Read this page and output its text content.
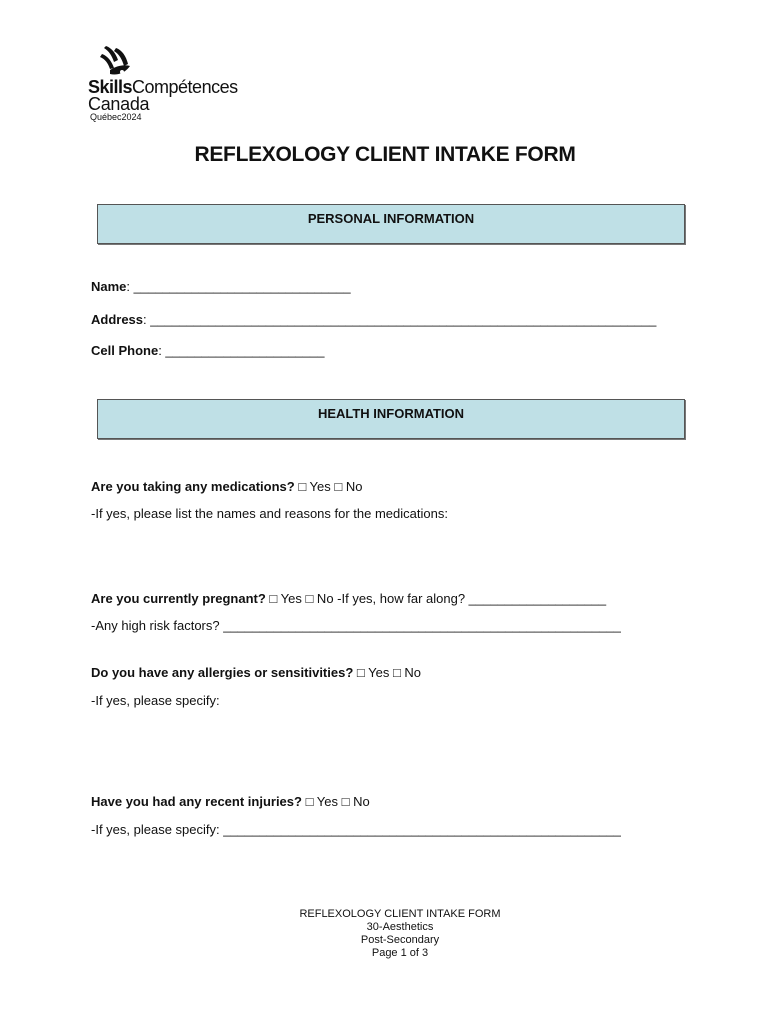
SkillsCompétences
Canada
Québec2024
REFLEXOLOGY CLIENT INTAKE FORM
PERSONAL INFORMATION
Name: ______________________________
Address: ______________________________________________________________________
Cell Phone: ______________________
HEALTH INFORMATION
Are you taking any medications? □ Yes □ No
-If yes, please list the names and reasons for the medications:
Are you currently pregnant? □ Yes □ No -If yes, how far along? ___________________
-Any high risk factors? _______________________________________________________
Do you have any allergies or sensitivities? □ Yes □ No
-If yes, please specify:
Have you had any recent injuries? □ Yes □ No
-If yes, please specify: _______________________________________________________
REFLEXOLOGY CLIENT INTAKE FORM
30-Aesthetics
Post-Secondary
Page 1 of 3
